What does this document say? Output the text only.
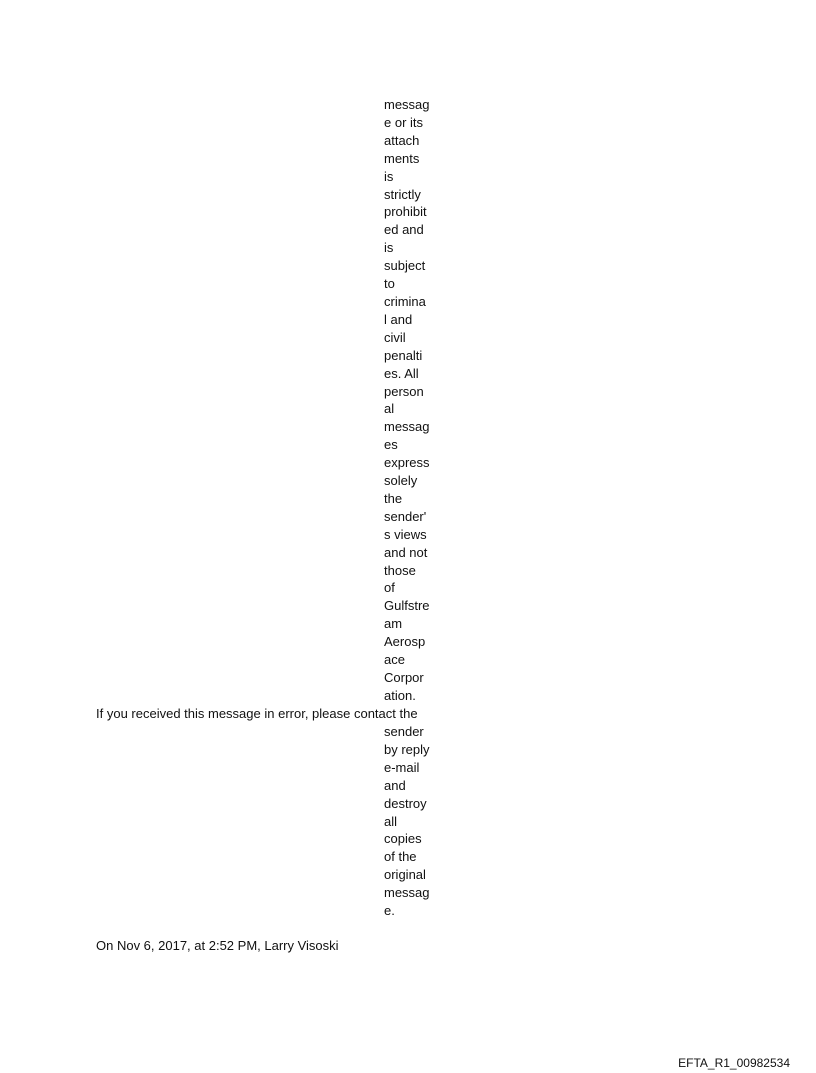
messag
e or its
attach
ments
is
strictly
prohibit
ed and
is
subject
to
crimina
l and
civil
penalti
es. All
person
al
messag
es
express
solely
the
sender'
s views
and not
those
of
Gulfstre
am
Aerosp
ace
Corpor
ation.
If you received this message in error, please contact the
sender
by reply
e-mail
and
destroy
all
copies
of the
original
messag
e.
On Nov 6, 2017, at 2:52 PM, Larry Visoski
EFTA_R1_00982534
